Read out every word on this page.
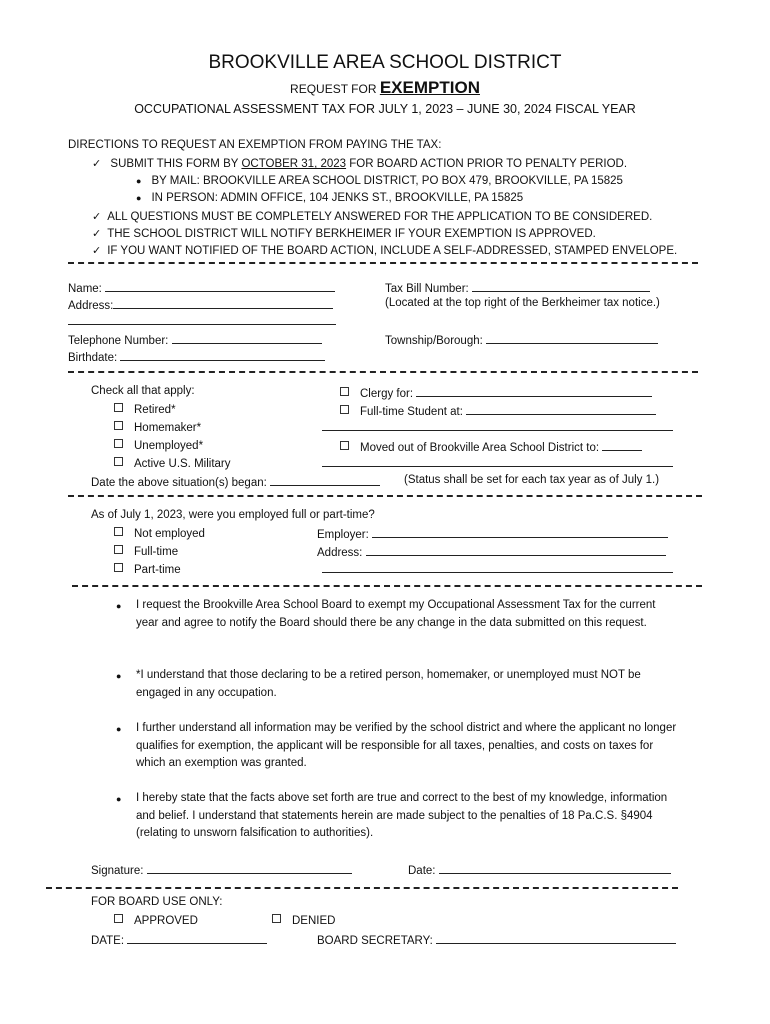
BROOKVILLE AREA SCHOOL DISTRICT
REQUEST FOR EXEMPTION
OCCUPATIONAL ASSESSMENT TAX FOR JULY 1, 2023 – JUNE 30, 2024 FISCAL YEAR
DIRECTIONS TO REQUEST AN EXEMPTION FROM PAYING THE TAX:
✓ SUBMIT THIS FORM BY OCTOBER 31, 2023 FOR BOARD ACTION PRIOR TO PENALTY PERIOD.
● BY MAIL: BROOKVILLE AREA SCHOOL DISTRICT, PO BOX 479, BROOKVILLE, PA 15825
● IN PERSON: ADMIN OFFICE, 104 JENKS ST., BROOKVILLE, PA 15825
✓ ALL QUESTIONS MUST BE COMPLETELY ANSWERED FOR THE APPLICATION TO BE CONSIDERED.
✓ THE SCHOOL DISTRICT WILL NOTIFY BERKHEIMER IF YOUR EXEMPTION IS APPROVED.
✓ IF YOU WANT NOTIFIED OF THE BOARD ACTION, INCLUDE A SELF-ADDRESSED, STAMPED ENVELOPE.
Name:
Address:
Telephone Number:
Birthdate:
Tax Bill Number:
(Located at the top right of the Berkheimer tax notice.)
Township/Borough:
Check all that apply:
Retired*
Homemaker*
Unemployed*
Active U.S. Military
Clergy for:
Full-time Student at:
Moved out of Brookville Area School District to:
Date the above situation(s) began:	(Status shall be set for each tax year as of July 1.)
As of July 1, 2023, were you employed full or part-time?
Not employed
Full-time
Part-time
Employer:
Address:
● I request the Brookville Area School Board to exempt my Occupational Assessment Tax for the current year and agree to notify the Board should there be any change in the data submitted on this request.
● *I understand that those declaring to be a retired person, homemaker, or unemployed must NOT be engaged in any occupation.
● I further understand all information may be verified by the school district and where the applicant no longer qualifies for exemption, the applicant will be responsible for all taxes, penalties, and costs on taxes for which an exemption was granted.
● I hereby state that the facts above set forth are true and correct to the best of my knowledge, information and belief. I understand that statements herein are made subject to the penalties of 18 Pa.C.S. §4904 (relating to unsworn falsification to authorities).
Signature:	Date:
FOR BOARD USE ONLY:
APPROVED	DENIED
DATE:	BOARD SECRETARY:
